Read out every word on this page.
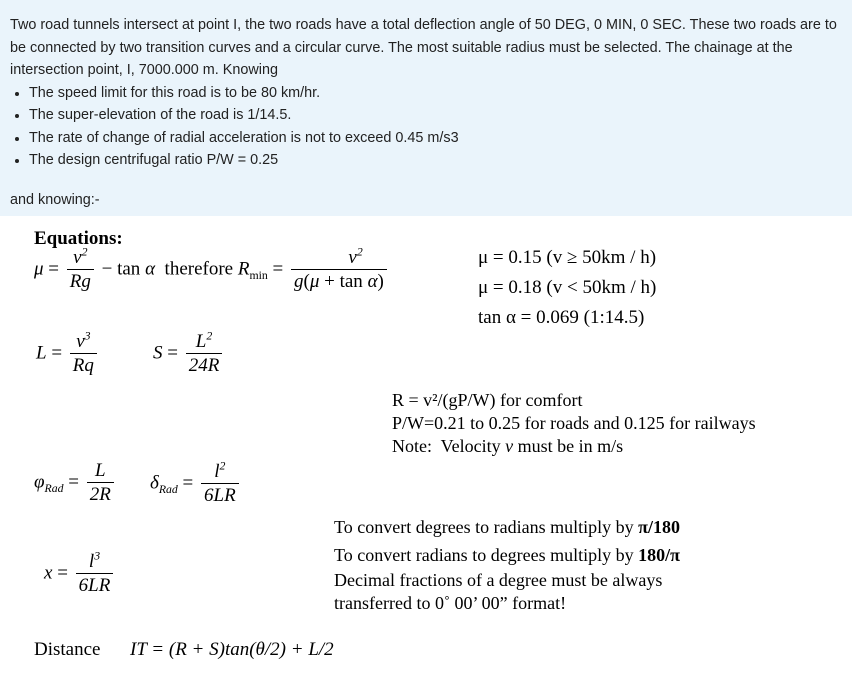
Two road tunnels intersect at point I, the two roads have a total deflection angle of 50 DEG, 0 MIN, 0 SEC. These two roads are to be connected by two transition curves and a circular curve. The most suitable radius must be selected. The chainage at the intersection point, I, 7000.000 m. Knowing

• The speed limit for this road is to be 80 km/hr.
• The super-elevation of the road is 1/14.5.
• The rate of change of radial acceleration is not to exceed 0.45 m/s3
• The design centrifugal ratio P/W = 0.25

and knowing:-

Equations:
$\mu = \frac{v^2}{Rg} - \tan \alpha$  therefore $R_{min} = \frac{v^2}{\text{g(μ + tan α)}}$	μ = 0.15 (v ≥ 50km / h)
μ = 0.18 (v < 50km / h)
tan α = 0.069 (1:14.5)
$L = \frac{v^3}{Rq}$	$S = \frac{L^2}{24R}$
R = v²/(gP/W) for comfort
P/W=0.21 to 0.25 for roads and 0.125 for railways
Note:  Velocity v must be in m/s
$\varphi_{Rad} = \frac{L}{2R} \delta_{Rad} = \frac{l^2}{6LR}$
To convert degrees to radians multiply by π/180
To convert radians to degrees multiply by 180/π
Decimal fractions of a degree must be always
transferred to 0˚ 00’ 00” format!
$x = \frac{l^3}{6LR}$
Distance IT = (R + S)tan(θ/2) + L/2
